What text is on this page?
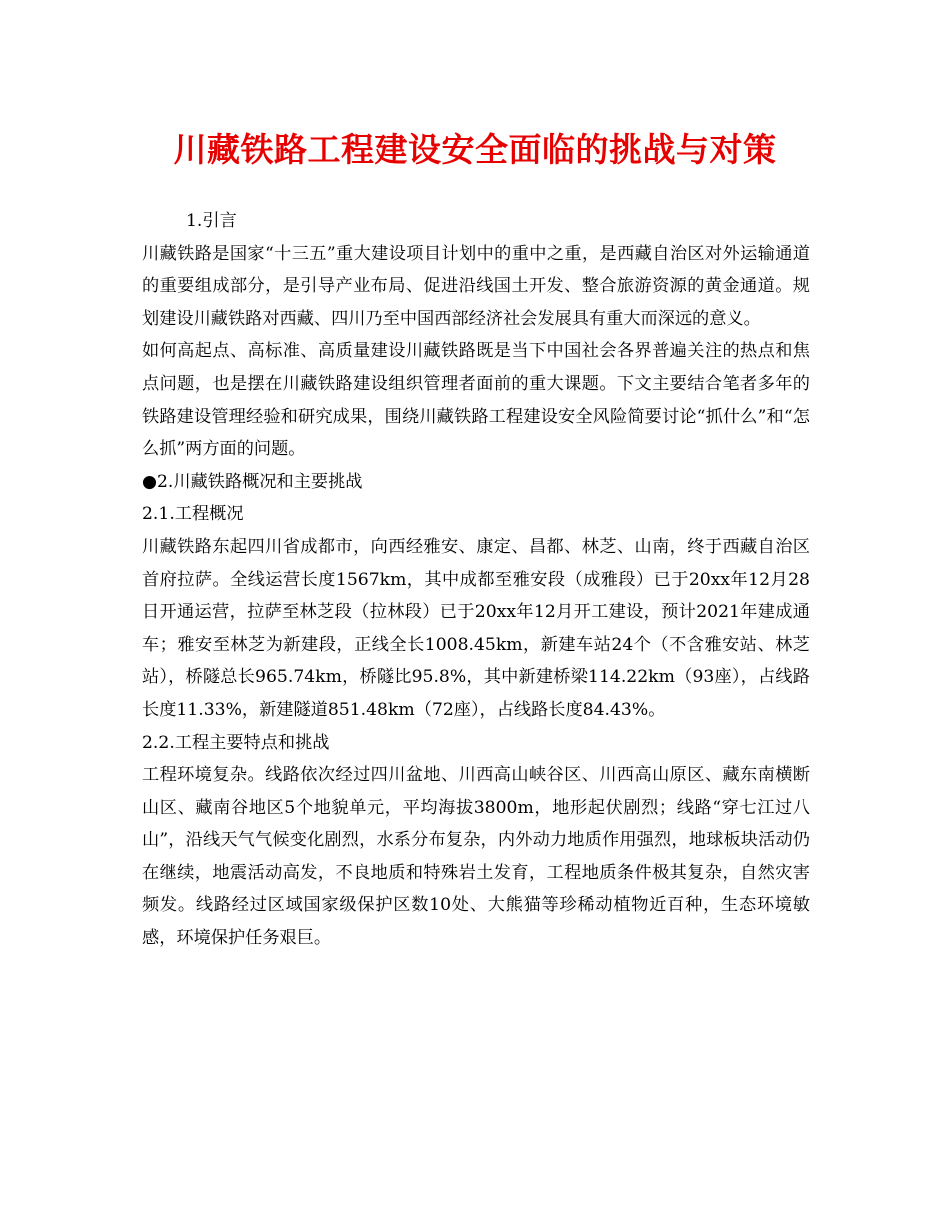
川藏铁路工程建设安全面临的挑战与对策

1.引言

川藏铁路是国家“十三五”重大建设项目计划中的重中之重，是西藏自治区对外运输通道的重要组成部分，是引导产业布局、促进沿线国土开发、整合旅游资源的黄金通道。规划建设川藏铁路对西藏、四川乃至中国西部经济社会发展具有重大而深远的意义。

如何高起点、高标准、高质量建设川藏铁路既是当下中国社会各界普遍关注的热点和焦点问题，也是摆在川藏铁路建设组织管理者面前的重大课题。下文主要结合笔者多年的铁路建设管理经验和研究成果，围绕川藏铁路工程建设安全风险简要讨论“抓什么”和“怎么抓”两方面的问题。

●2.川藏铁路概况和主要挑战

2.1.工程概况

川藏铁路东起四川省成都市，向西经雅安、康定、昌都、林芝、山南，终于西藏自治区首府拉萨。全线运营长度1567km，其中成都至雅安段（成雅段）已于20xx年12月28日开通运营，拉萨至林芝段（拉林段）已于20xx年12月开工建设，预计2021年建成通车；雅安至林芝为新建段，正线全长1008.45km，新建车站24个（不含雅安站、林芝站），桥隧总长965.74km，桥隧比95.8%，其中新建桥梁114.22km（93座），占线路长度11.33%，新建隧道851.48km（72座），占线路长度84.43%。

2.2.工程主要特点和挑战

工程环境复杂。线路依次经过四川盆地、川西高山峡谷区、川西高山原区、藏东南横断山区、藏南谷地区5个地貌单元，平均海拔3800m，地形起伏剧烈；线路“穿七江过八山”，沿线天气气候变化剧烈，水系分布复杂，内外动力地质作用强烈，地球板块活动仍在继续，地震活动高发，不良地质和特殊岩土发育，工程地质条件极其复杂，自然灾害频发。线路经过区域国家级保护区数10处、大熊猫等珍稀动植物近百种，生态环境敏感，环境保护任务艰巨。
